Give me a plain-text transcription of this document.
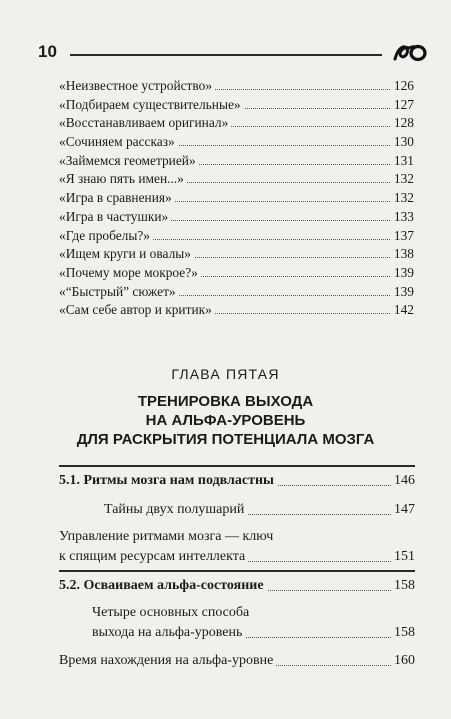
10
«Неизвестное устройство»	126
«Подбираем существительные»	127
«Восстанавливаем оригинал»	128
«Сочиняем рассказ»	130
«Займемся геометрией»	131
«Я знаю пять имен...»	132
«Игра в сравнения»	132
«Игра в частушки»	133
«Где пробелы?»	137
«Ищем круги и овалы»	138
«Почему море мокрое?»	139
«“Быстрый” сюжет»	139
«Сам себе автор и критик»	142
ГЛАВА ПЯТАЯ
ТРЕНИРОВКА ВЫХОДА
НА АЛЬФА-УРОВЕНЬ
ДЛЯ РАСКРЫТИЯ ПОТЕНЦИАЛА МОЗГА
5.1. Ритмы мозга нам подвластны	146
Тайны двух полушарий	147
Управление ритмами мозга — ключ
к спящим ресурсам интеллекта	151
5.2. Осваиваем альфа-состояние	158
Четыре основных способа
выхода на альфа-уровень	158
Время нахождения на альфа-уровне	160
